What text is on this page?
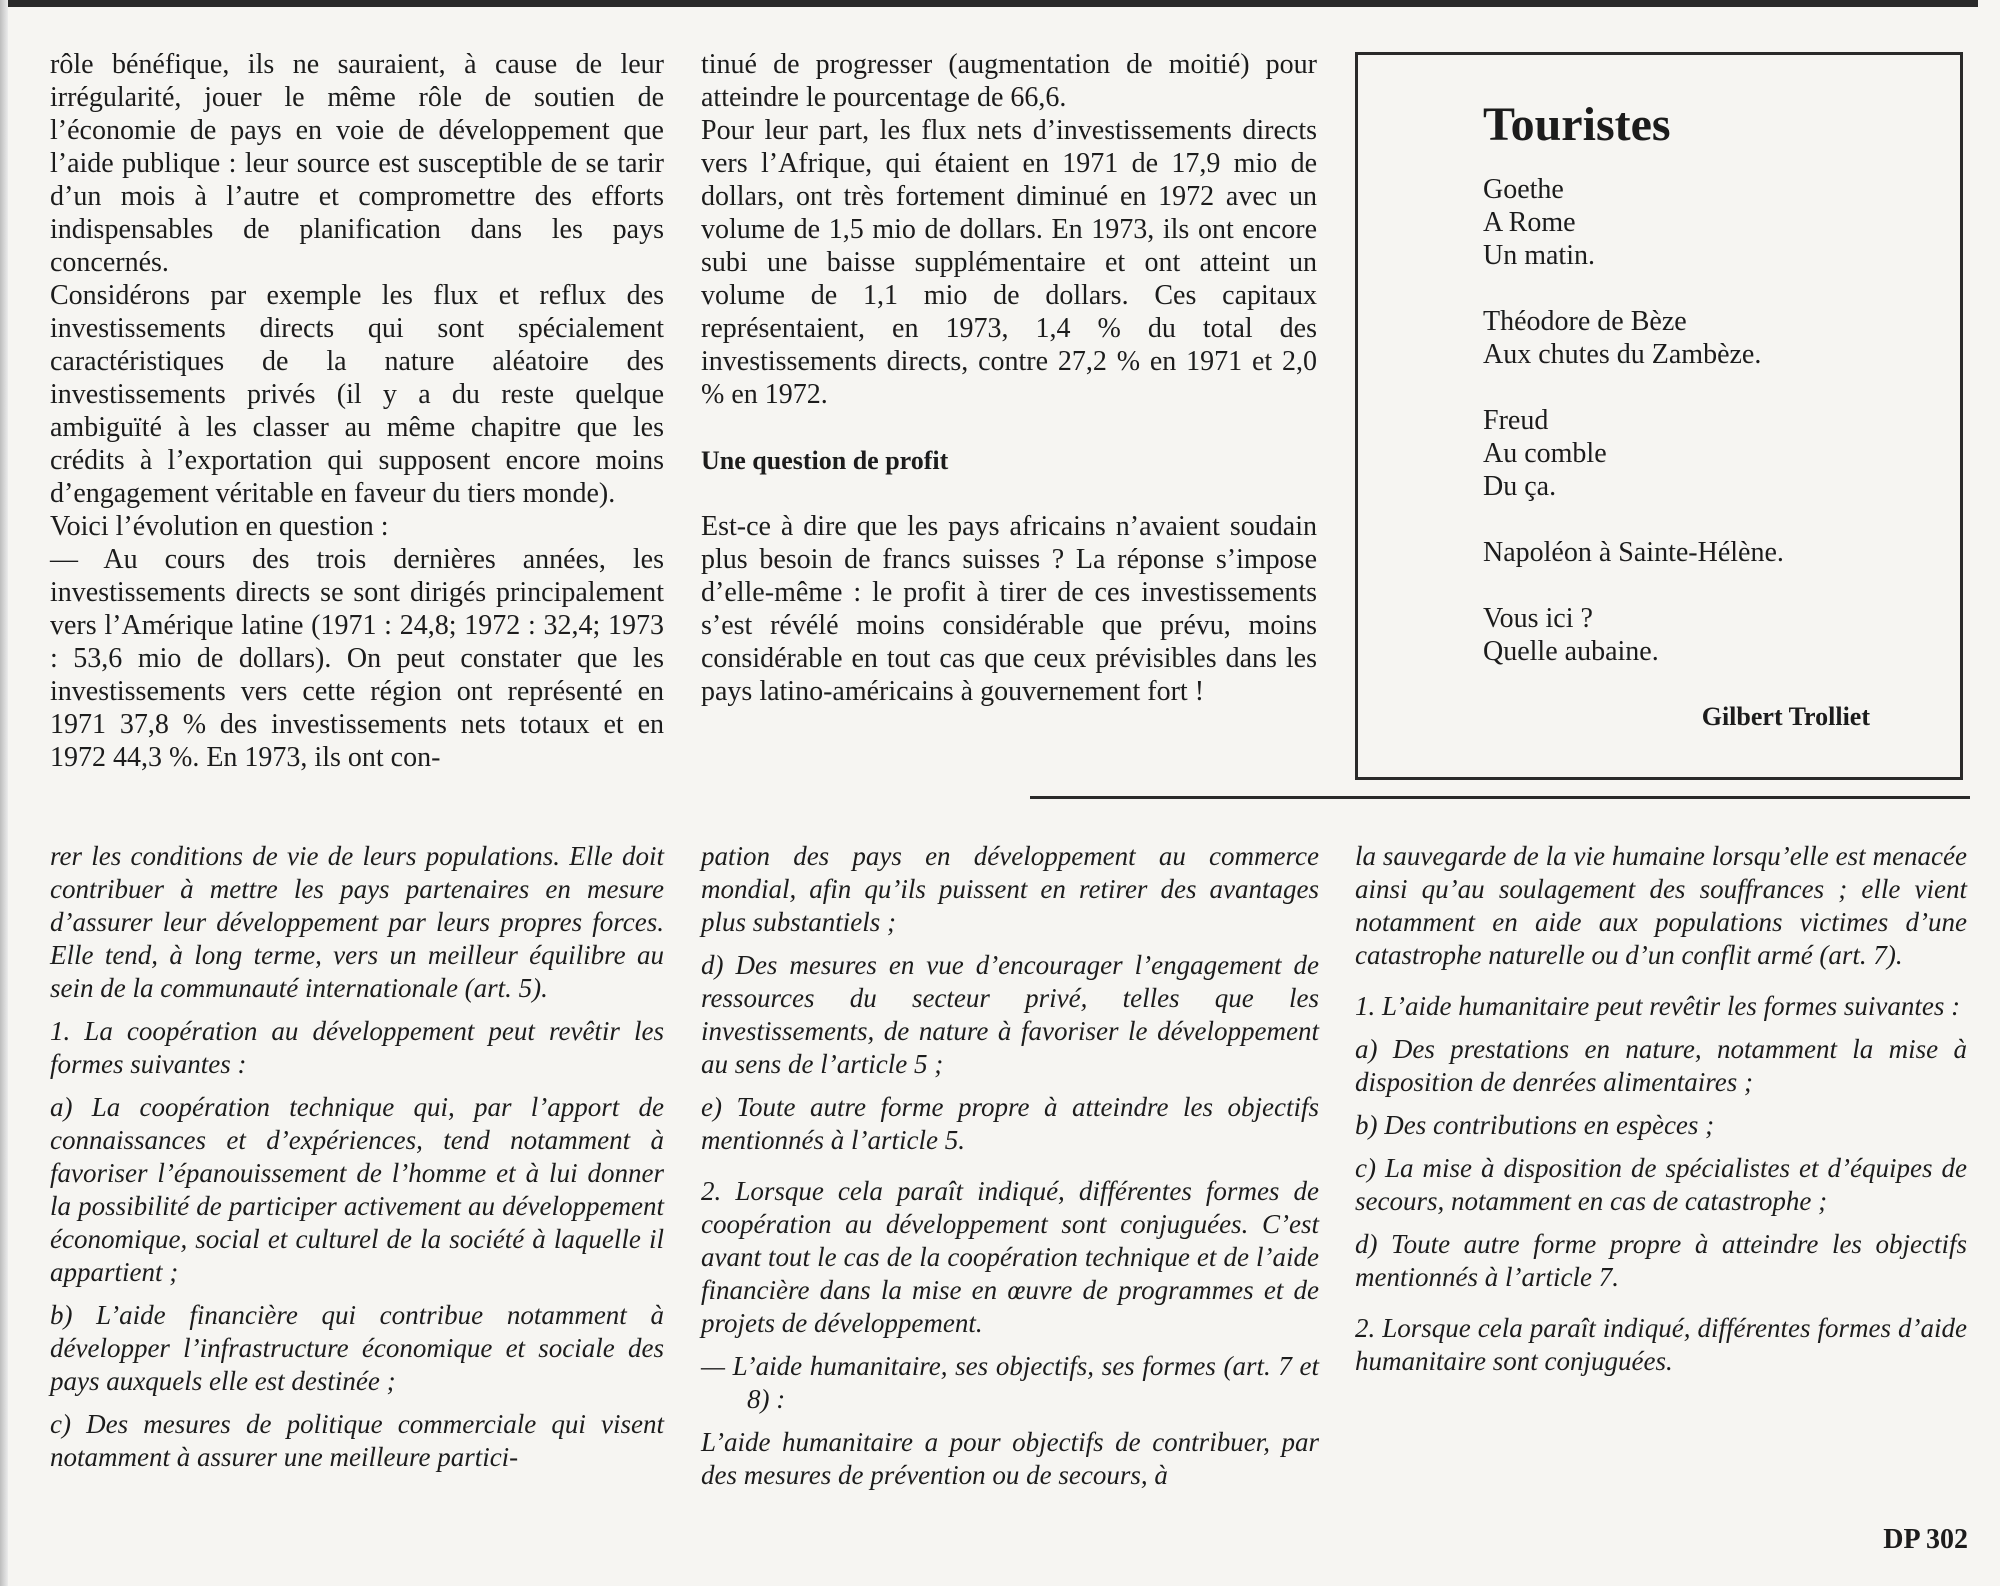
rôle bénéfique, ils ne sauraient, à cause de leur irrégularité, jouer le même rôle de soutien de l’économie de pays en voie de développement que l’aide publique : leur source est susceptible de se tarir d’un mois à l’autre et compromettre des efforts indispensables de planification dans les pays concernés.

Considérons par exemple les flux et reflux des investissements directs qui sont spécialement caractéristiques de la nature aléatoire des investissements privés (il y a du reste quelque ambiguïté à les classer au même chapitre que les crédits à l’exportation qui supposent encore moins d’engagement véritable en faveur du tiers monde).

Voici l’évolution en question :

— Au cours des trois dernières années, les investissements directs se sont dirigés principalement vers l’Amérique latine (1971 : 24,8; 1972 : 32,4; 1973 : 53,6 mio de dollars). On peut constater que les investissements vers cette région ont représenté en 1971 37,8 % des investissements nets totaux et en 1972 44,3 %. En 1973, ils ont con-

tinué de progresser (augmentation de moitié) pour atteindre le pourcentage de 66,6.

Pour leur part, les flux nets d’investissements directs vers l’Afrique, qui étaient en 1971 de 17,9 mio de dollars, ont très fortement diminué en 1972 avec un volume de 1,5 mio de dollars. En 1973, ils ont encore subi une baisse supplémentaire et ont atteint un volume de 1,1 mio de dollars. Ces capitaux représentaient, en 1973, 1,4 % du total des investissements directs, contre 27,2 % en 1971 et 2,0 % en 1972.

Une question de profit

Est-ce à dire que les pays africains n’avaient soudain plus besoin de francs suisses ? La réponse s’impose d’elle-même : le profit à tirer de ces investissements s’est révélé moins considérable que prévu, moins considérable en tout cas que ceux prévisibles dans les pays latino-américains à gouvernement fort !

Touristes
Goethe
A Rome
Un matin.
Théodore de Bèze
Aux chutes du Zambèze.
Freud
Au comble
Du ça.
Napoléon à Sainte-Hélène.
Vous ici ?
Quelle aubaine.
Gilbert Trolliet

rer les conditions de vie de leurs populations. Elle doit contribuer à mettre les pays partenaires en mesure d’assurer leur développement par leurs propres forces. Elle tend, à long terme, vers un meilleur équilibre au sein de la communauté internationale (art. 5).

1. La coopération au développement peut revêtir les formes suivantes :

a) La coopération technique qui, par l’apport de connaissances et d’expériences, tend notamment à favoriser l’épanouissement de l’homme et à lui donner la possibilité de participer activement au développement économique, social et culturel de la société à laquelle il appartient ;

b) L’aide financière qui contribue notamment à développer l’infrastructure économique et sociale des pays auxquels elle est destinée ;

c) Des mesures de politique commerciale qui visent notamment à assurer une meilleure partici-

pation des pays en développement au commerce mondial, afin qu’ils puissent en retirer des avantages plus substantiels ;

d) Des mesures en vue d’encourager l’engagement de ressources du secteur privé, telles que les investissements, de nature à favoriser le développement au sens de l’article 5 ;

e) Toute autre forme propre à atteindre les objectifs mentionnés à l’article 5.

2. Lorsque cela paraît indiqué, différentes formes de coopération au développement sont conjuguées. C’est avant tout le cas de la coopération technique et de l’aide financière dans la mise en œuvre de programmes et de projets de développement.

— L’aide humanitaire, ses objectifs, ses formes (art. 7 et 8) :

L’aide humanitaire a pour objectifs de contribuer, par des mesures de prévention ou de secours, à

la sauvegarde de la vie humaine lorsqu’elle est menacée ainsi qu’au soulagement des souffrances ; elle vient notamment en aide aux populations victimes d’une catastrophe naturelle ou d’un conflit armé (art. 7).

1. L’aide humanitaire peut revêtir les formes suivantes :

a) Des prestations en nature, notamment la mise à disposition de denrées alimentaires ;

b) Des contributions en espèces ;

c) La mise à disposition de spécialistes et d’équipes de secours, notamment en cas de catastrophe ;

d) Toute autre forme propre à atteindre les objectifs mentionnés à l’article 7.

2. Lorsque cela paraît indiqué, différentes formes d’aide humanitaire sont conjuguées.

DP 302
